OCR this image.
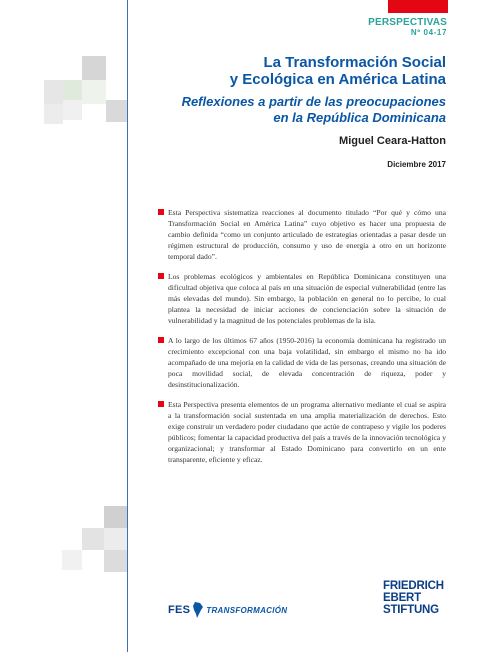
PERSPECTIVAS
Nº 04-17
La Transformación Social
y Ecológica en América Latina
Reflexiones a partir de las preocupaciones
en la República Dominicana
Miguel Ceara-Hatton
Diciembre 2017
Esta Perspectiva sistematiza reacciones al documento titulado “Por qué y cómo una Transformación Social en América Latina” cuyo objetivo es hacer una propuesta de cambio definida “como un conjunto articulado de estrategias orientadas a pasar desde un régimen estructural de producción, consumo y uso de energía a otro en un horizonte temporal dado”.
Los problemas ecológicos y ambientales en República Dominicana constituyen una dificultad objetiva que coloca al país en una situación de especial vulnerabilidad (entre las más elevadas del mundo). Sin embargo, la población en general no lo percibe, lo cual plantea la necesidad de iniciar acciones de concienciación sobre la situación de vulnerabilidad y la magnitud de los potenciales problemas de la isla.
A lo largo de los últimos 67 años (1950-2016) la economía dominicana ha registrado un crecimiento excepcional con una baja volatilidad, sin embargo el mismo no ha ido acompañado de una mejoría en la calidad de vida de las personas, creando una situación de poca movilidad social, de elevada concentración de riqueza, poder y desinstitucionalización.
Esta Perspectiva presenta elementos de un programa alternativo mediante el cual se aspira a la transformación social sustentada en una amplia materialización de derechos. Esto exige construir un verdadero poder ciudadano que actúe de contrapeso y vigile los poderes públicos; fomentar la capacidad productiva del país a través de la innovación tecnológica y organizacional; y transformar al Estado Dominicano para convertirlo en un ente transparente, eficiente y eficaz.
FES TRANSFORMACIÓN
FRIEDRICH
EBERT
STIFTUNG
